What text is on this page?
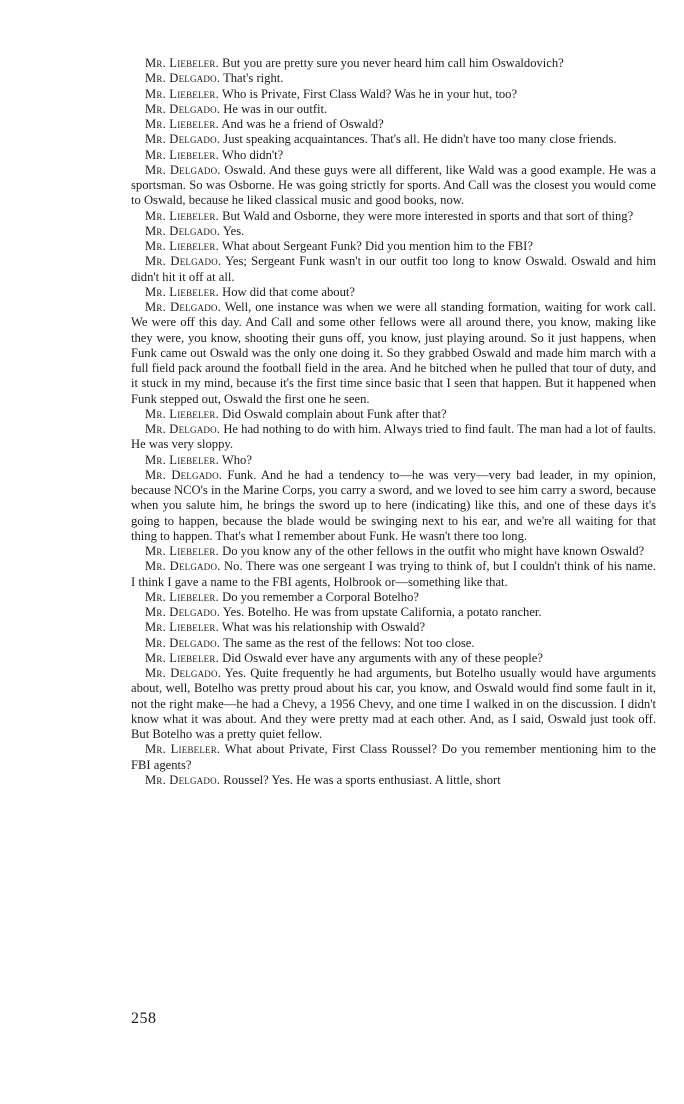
Mr. Liebeler. But you are pretty sure you never heard him call him Oswaldovich?

Mr. Delgado. That's right.

Mr. Liebeler. Who is Private, First Class Wald? Was he in your hut, too?

Mr. Delgado. He was in our outfit.

Mr. Liebeler. And was he a friend of Oswald?

Mr. Delgado. Just speaking acquaintances. That's all. He didn't have too many close friends.

Mr. Liebeler. Who didn't?

Mr. Delgado. Oswald. And these guys were all different, like Wald was a good example. He was a sportsman. So was Osborne. He was going strictly for sports. And Call was the closest you would come to Oswald, because he liked classical music and good books, now.

Mr. Liebeler. But Wald and Osborne, they were more interested in sports and that sort of thing?

Mr. Delgado. Yes.

Mr. Liebeler. What about Sergeant Funk? Did you mention him to the FBI?

Mr. Delgado. Yes; Sergeant Funk wasn't in our outfit too long to know Oswald. Oswald and him didn't hit it off at all.

Mr. Liebeler. How did that come about?

Mr. Delgado. Well, one instance was when we were all standing formation, waiting for work call. We were off this day. And Call and some other fellows were all around there, you know, making like they were, you know, shooting their guns off, you know, just playing around. So it just happens, when Funk came out Oswald was the only one doing it. So they grabbed Oswald and made him march with a full field pack around the football field in the area. And he bitched when he pulled that tour of duty, and it stuck in my mind, because it's the first time since basic that I seen that happen. But it happened when Funk stepped out, Oswald the first one he seen.

Mr. Liebeler. Did Oswald complain about Funk after that?

Mr. Delgado. He had nothing to do with him. Always tried to find fault. The man had a lot of faults. He was very sloppy.

Mr. Liebeler. Who?

Mr. Delgado. Funk. And he had a tendency to—he was very—very bad leader, in my opinion, because NCO's in the Marine Corps, you carry a sword, and we loved to see him carry a sword, because when you salute him, he brings the sword up to here (indicating) like this, and one of these days it's going to happen, because the blade would be swinging next to his ear, and we're all waiting for that thing to happen. That's what I remember about Funk. He wasn't there too long.

Mr. Liebeler. Do you know any of the other fellows in the outfit who might have known Oswald?

Mr. Delgado. No. There was one sergeant I was trying to think of, but I couldn't think of his name. I think I gave a name to the FBI agents, Holbrook or—something like that.

Mr. Liebeler. Do you remember a Corporal Botelho?

Mr. Delgado. Yes. Botelho. He was from upstate California, a potato rancher.

Mr. Liebeler. What was his relationship with Oswald?

Mr. Delgado. The same as the rest of the fellows: Not too close.

Mr. Liebeler. Did Oswald ever have any arguments with any of these people?

Mr. Delgado. Yes. Quite frequently he had arguments, but Botelho usually would have arguments about, well, Botelho was pretty proud about his car, you know, and Oswald would find some fault in it, not the right make—he had a Chevy, a 1956 Chevy, and one time I walked in on the discussion. I didn't know what it was about. And they were pretty mad at each other. And, as I said, Oswald just took off. But Botelho was a pretty quiet fellow.

Mr. Liebeler. What about Private, First Class Roussel? Do you remember mentioning him to the FBI agents?

Mr. Delgado. Roussel? Yes. He was a sports enthusiast. A little, short

258
